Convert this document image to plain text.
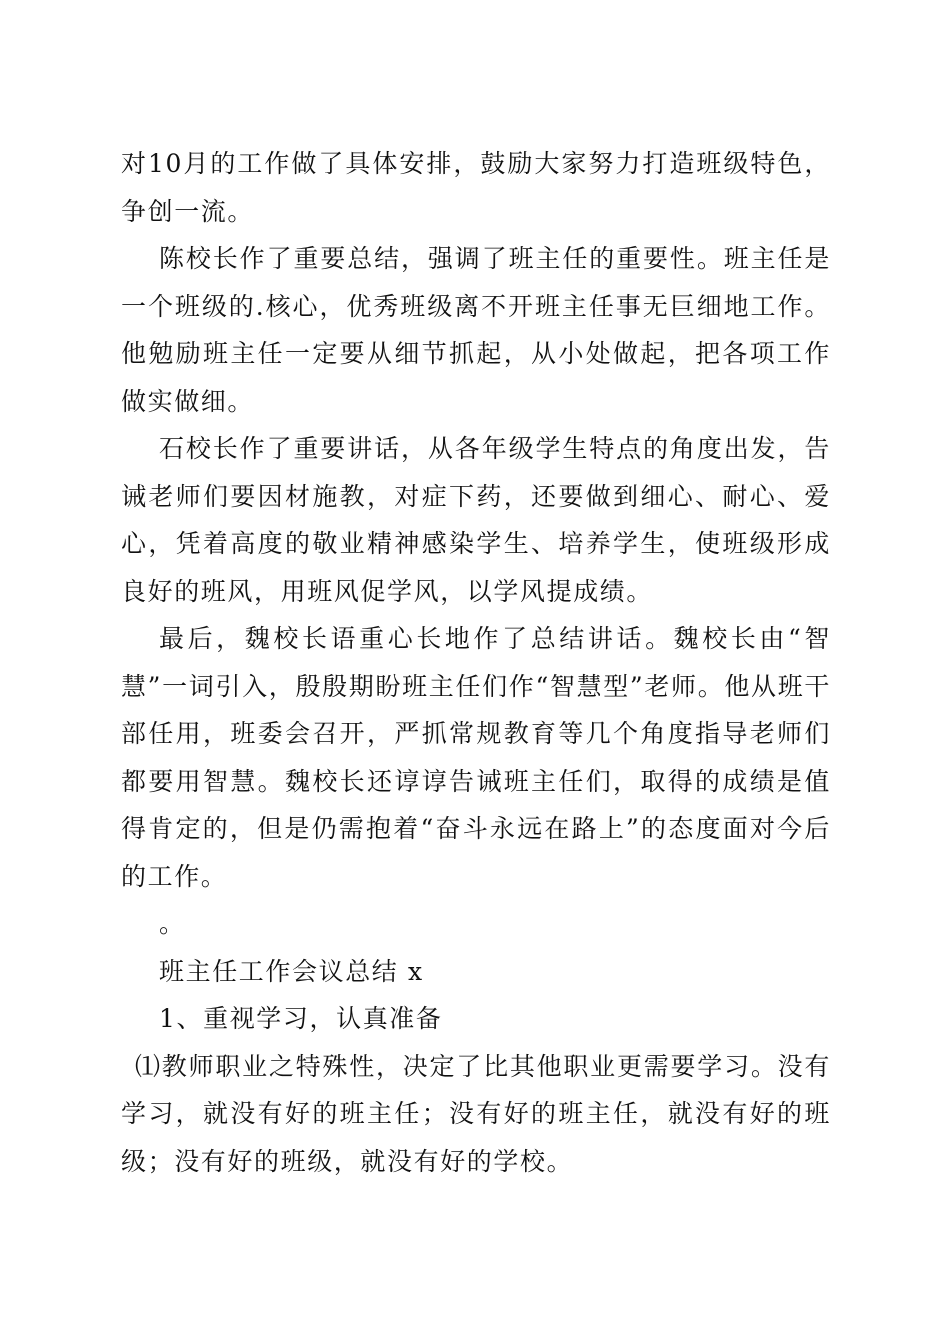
对10月的工作做了具体安排，鼓励大家努力打造班级特色，争创一流。

陈校长作了重要总结，强调了班主任的重要性。班主任是一个班级的.核心，优秀班级离不开班主任事无巨细地工作。他勉励班主任一定要从细节抓起，从小处做起，把各项工作做实做细。

石校长作了重要讲话，从各年级学生特点的角度出发，告诫老师们要因材施教，对症下药，还要做到细心、耐心、爱心，凭着高度的敬业精神感染学生、培养学生，使班级形成良好的班风，用班风促学风，以学风提成绩。

最后，魏校长语重心长地作了总结讲话。魏校长由“智慧”一词引入，殷殷期盼班主任们作“智慧型”老师。他从班干部任用，班委会召开，严抓常规教育等几个角度指导老师们都要用智慧。魏校长还谆谆告诫班主任们，取得的成绩是值得肯定的，但是仍需抱着“奋斗永远在路上”的态度面对今后的工作。

。

班主任工作会议总结 x

1、重视学习，认真准备

⑴教师职业之特殊性，决定了比其他职业更需要学习。没有学习，就没有好的班主任；没有好的班主任，就没有好的班级；没有好的班级，就没有好的学校。
